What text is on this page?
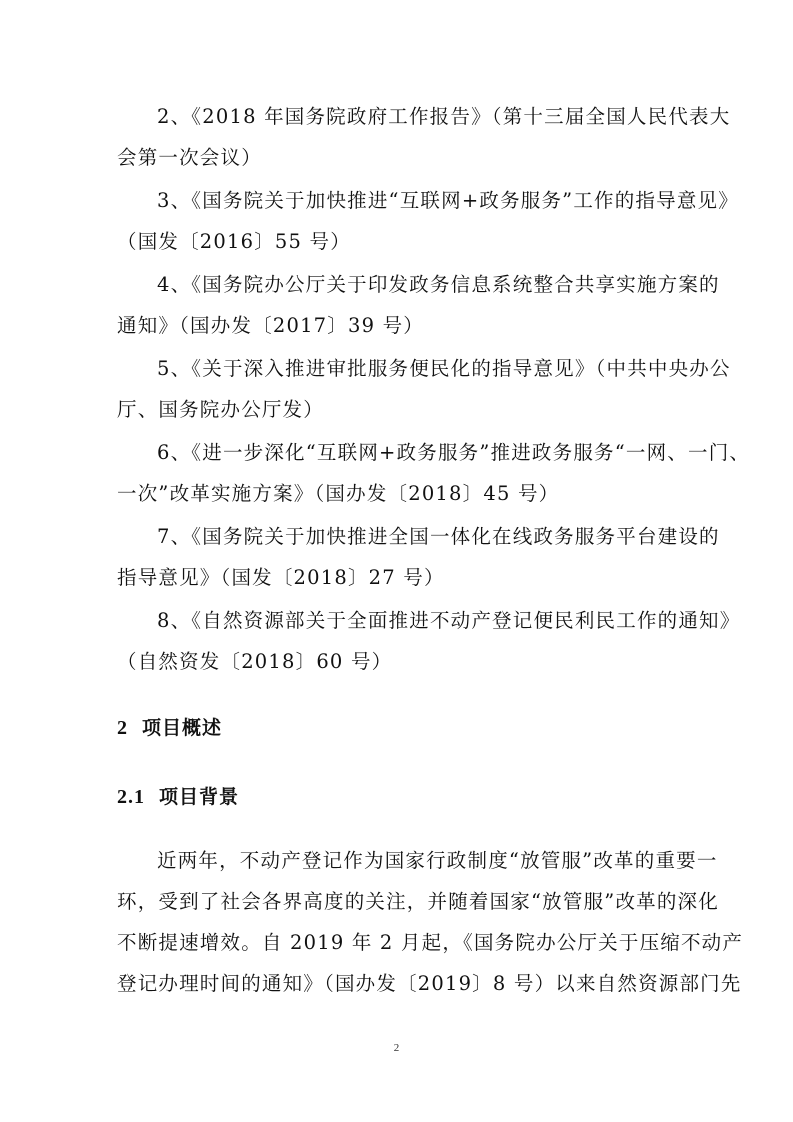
2、《2018 年国务院政府工作报告》（第十三届全国人民代表大
会第一次会议）
3、《国务院关于加快推进“互联网+政务服务”工作的指导意见》
（国发〔2016〕55 号）
4、《国务院办公厅关于印发政务信息系统整合共享实施方案的
通知》（国办发〔2017〕39 号）
5、《关于深入推进审批服务便民化的指导意见》（中共中央办公
厅、国务院办公厅发）
6、《进一步深化“互联网+政务服务”推进政务服务“一网、一门、
一次”改革实施方案》（国办发〔2018〕45 号）
7、《国务院关于加快推进全国一体化在线政务服务平台建设的
指导意见》（国发〔2018〕27 号）
8、《自然资源部关于全面推进不动产登记便民利民工作的通知》
（自然资发〔2018〕60 号）
2 项目概述
2.1 项目背景
近两年，不动产登记作为国家行政制度“放管服”改革的重要一
环，受到了社会各界高度的关注，并随着国家“放管服”改革的深化
不断提速增效。自 2019 年 2 月起，《国务院办公厅关于压缩不动产
登记办理时间的通知》（国办发〔2019〕8 号）以来自然资源部门先
2
